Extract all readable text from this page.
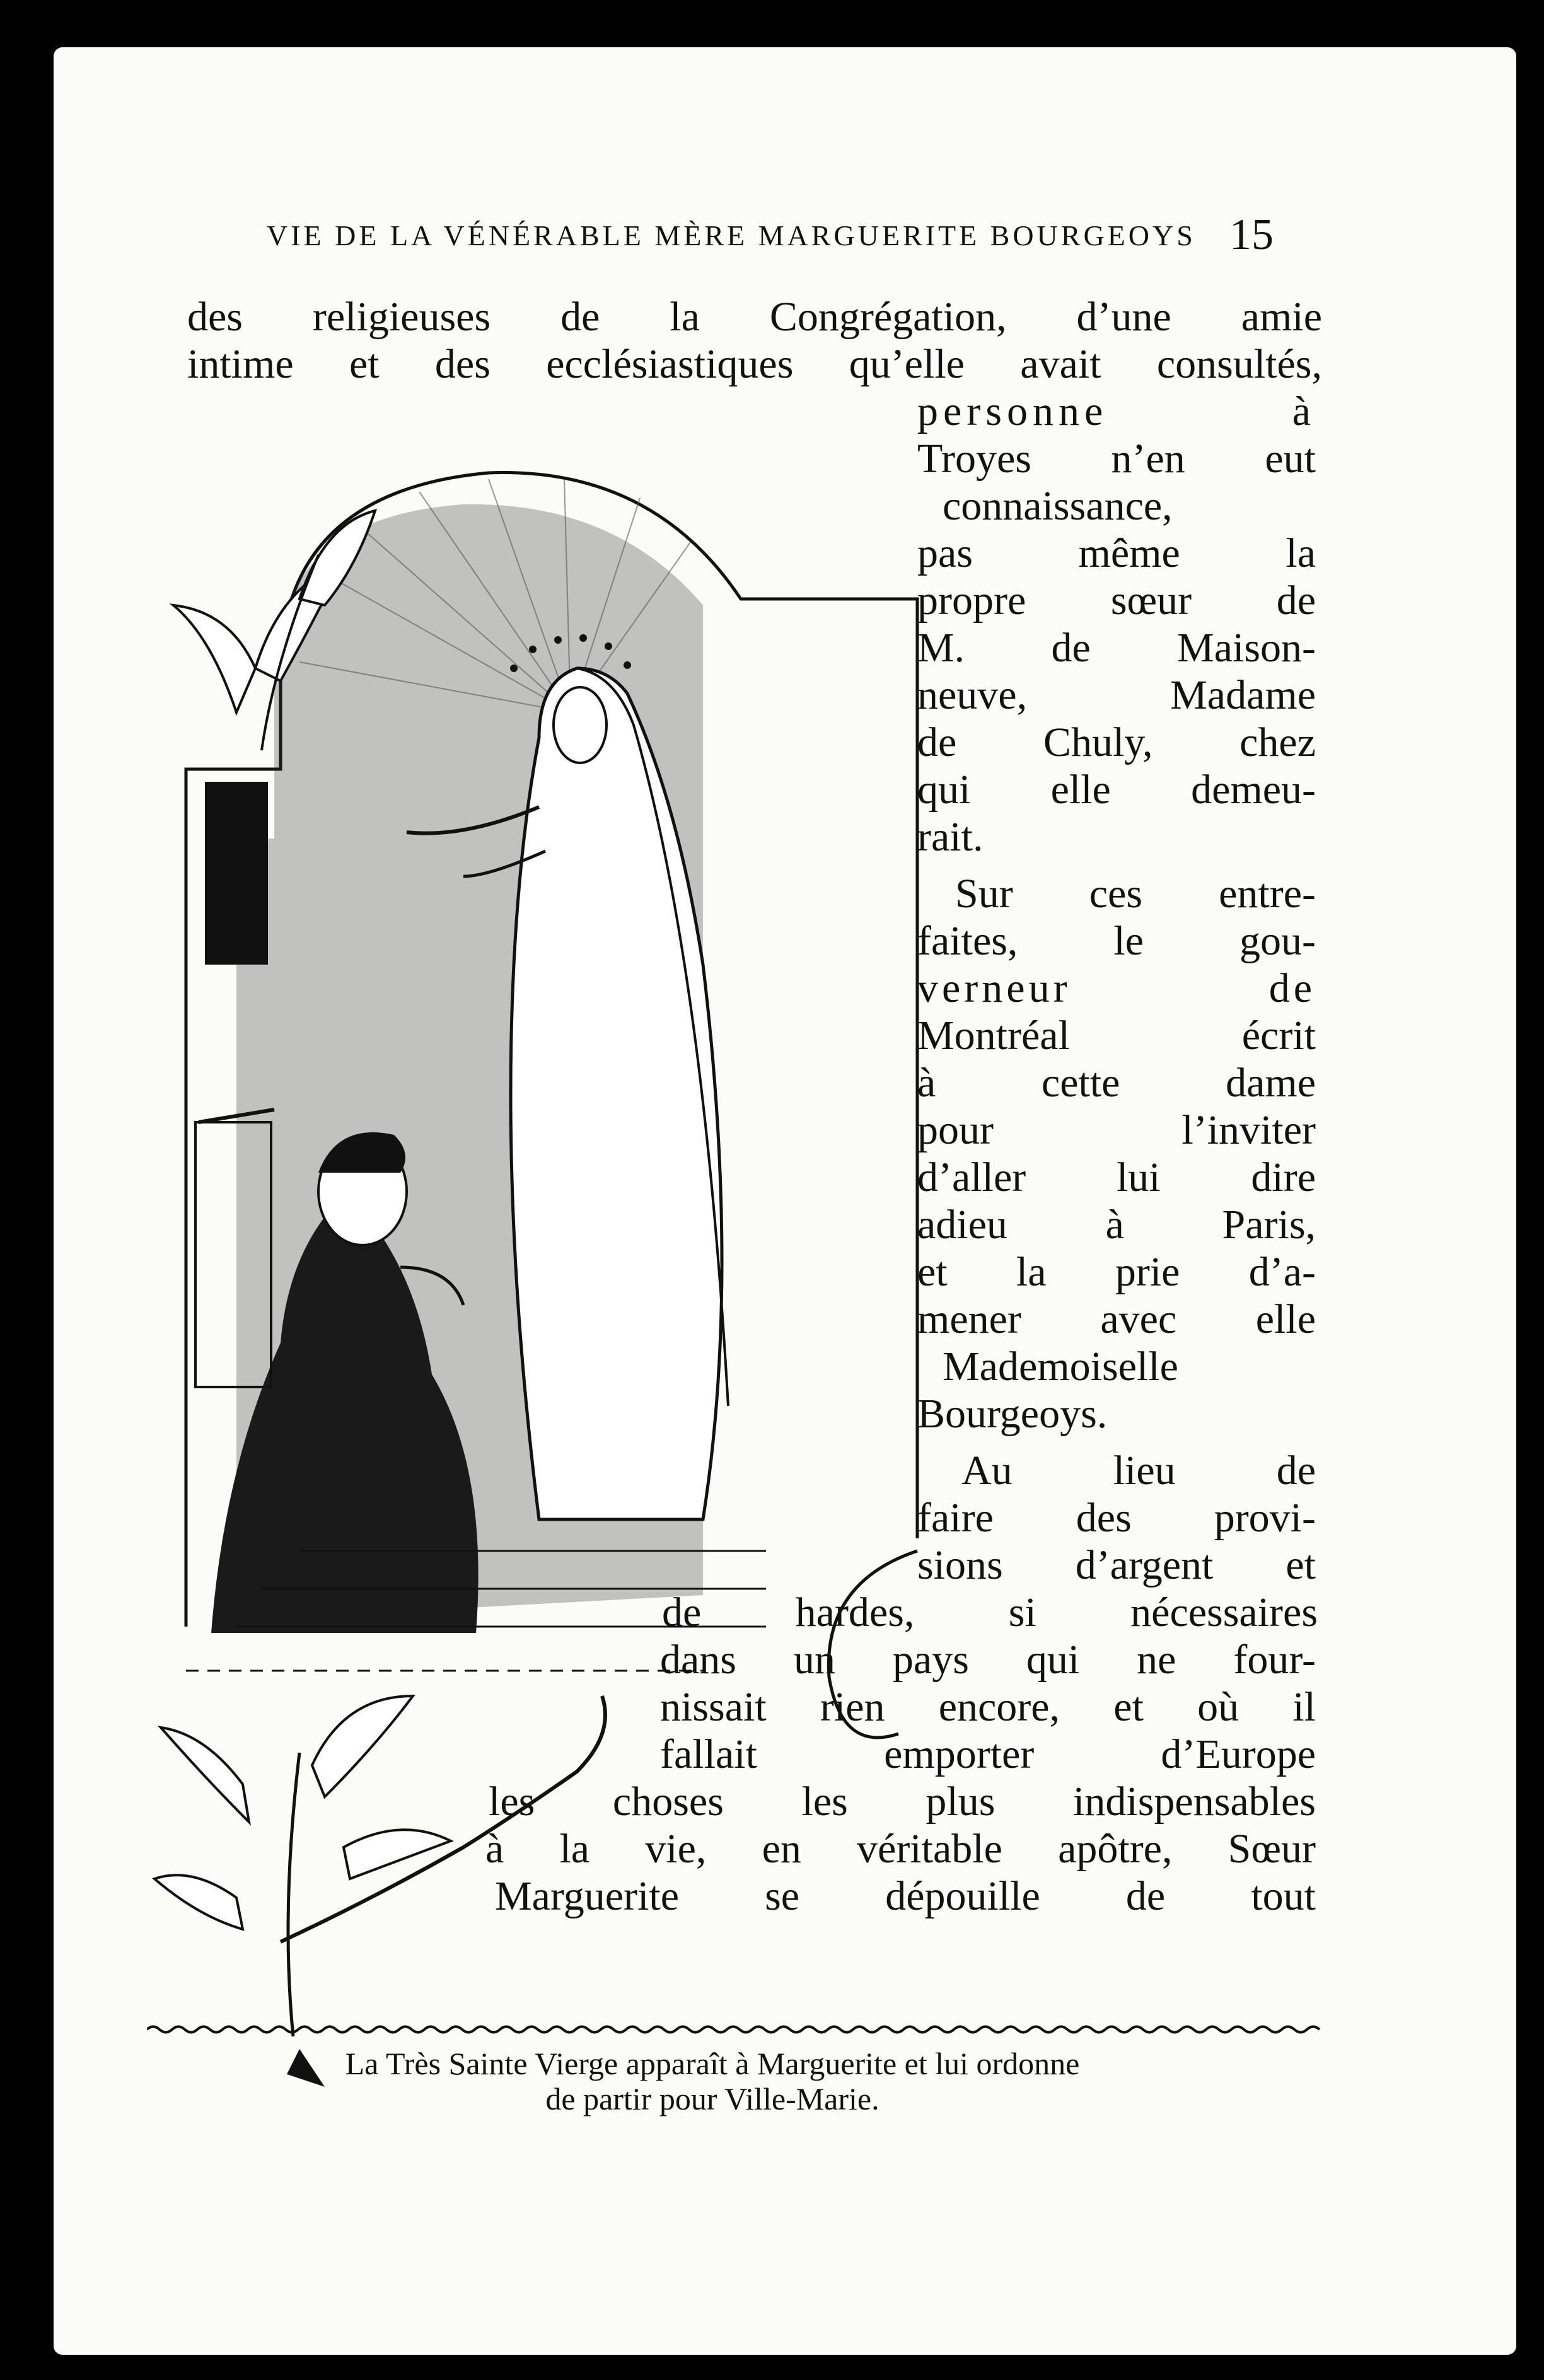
VIE DE LA VÉNÉRABLE MÈRE MARGUERITE BOURGEOYS 15
des religieuses de la Congrégation, d’une amie
intime et des ecclésiastiques qu’elle avait consultés,
personne à
Troyes n’en eut
connaissance,
pas même la
propre sœur de
M. de Maison-
neuve, Madame
de Chuly, chez
qui elle demeu-
rait.
Sur ces entre-
faites, le gou-
verneur de
Montréal écrit
à cette dame
pour l’inviter
d’aller lui dire
adieu à Paris,
et la prie d’a-
mener avec elle
Mademoiselle
Bourgeoys.
Au lieu de
faire des provi-
sions d’argent et
de hardes, si nécessaires
dans un pays qui ne four-
nissait rien encore, et où il
fallait emporter d’Europe
les choses les plus indispensables
à la vie, en véritable apôtre, Sœur
Marguerite se dépouille de tout
La Très Sainte Vierge apparaît à Marguerite et lui ordonne
de partir pour Ville-Marie.
